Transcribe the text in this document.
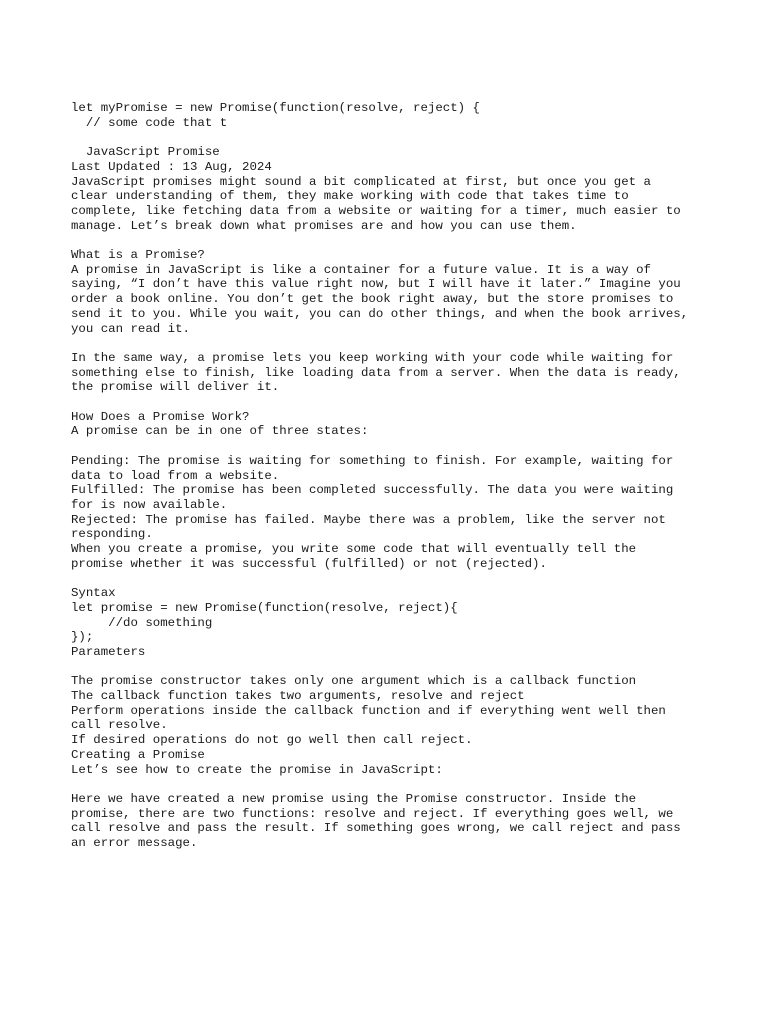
let myPromise = new Promise(function(resolve, reject) {
// some code that t
JavaScript Promise
Last Updated : 13 Aug, 2024
JavaScript promises might sound a bit complicated at first, but once you get a
clear understanding of them, they make working with code that takes time to
complete, like fetching data from a website or waiting for a timer, much easier to
manage. Let’s break down what promises are and how you can use them.
What is a Promise?
A promise in JavaScript is like a container for a future value. It is a way of
saying, “I don’t have this value right now, but I will have it later.” Imagine you
order a book online. You don’t get the book right away, but the store promises to
send it to you. While you wait, you can do other things, and when the book arrives,
you can read it.
In the same way, a promise lets you keep working with your code while waiting for
something else to finish, like loading data from a server. When the data is ready,
the promise will deliver it.
How Does a Promise Work?
A promise can be in one of three states:
Pending: The promise is waiting for something to finish. For example, waiting for
data to load from a website.
Fulfilled: The promise has been completed successfully. The data you were waiting
for is now available.
Rejected: The promise has failed. Maybe there was a problem, like the server not
responding.
When you create a promise, you write some code that will eventually tell the
promise whether it was successful (fulfilled) or not (rejected).
Syntax
let promise = new Promise(function(resolve, reject){
//do something
});
Parameters
The promise constructor takes only one argument which is a callback function
The callback function takes two arguments, resolve and reject
Perform operations inside the callback function and if everything went well then
call resolve.
If desired operations do not go well then call reject.
Creating a Promise
Let’s see how to create the promise in JavaScript:
Here we have created a new promise using the Promise constructor. Inside the
promise, there are two functions: resolve and reject. If everything goes well, we
call resolve and pass the result. If something goes wrong, we call reject and pass
an error message.
